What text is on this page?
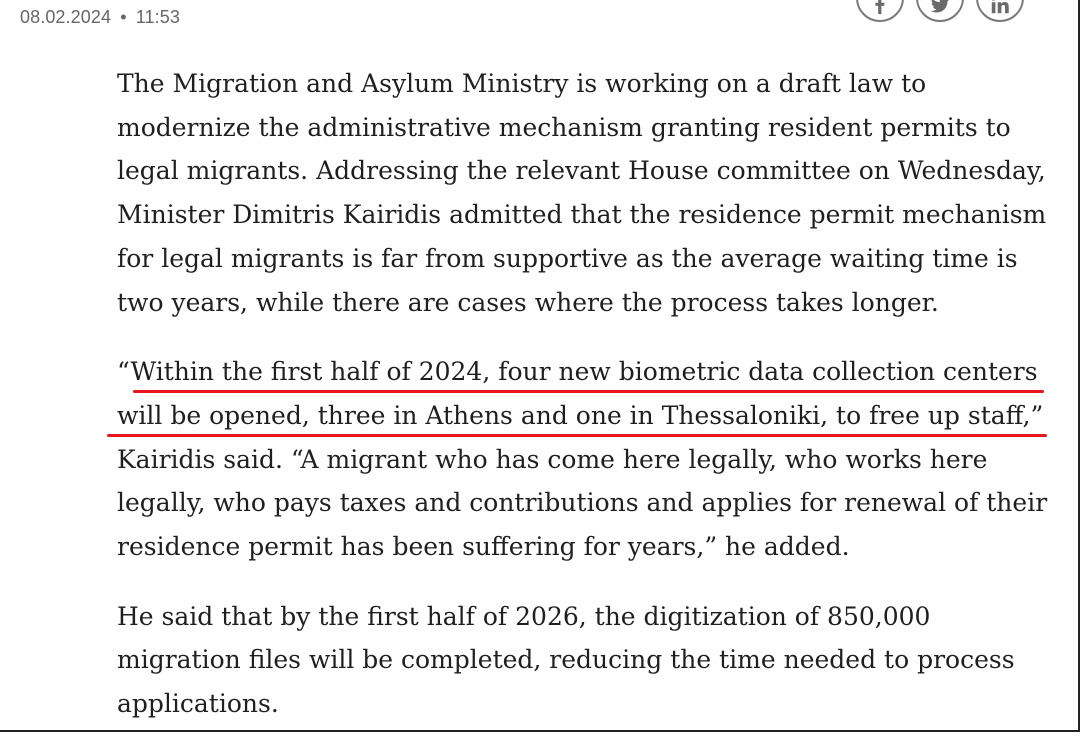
08.02.2024 • 11:53

The Migration and Asylum Ministry is working on a draft law to
modernize the administrative mechanism granting resident permits to
legal migrants. Addressing the relevant House committee on Wednesday,
Minister Dimitris Kairidis admitted that the residence permit mechanism
for legal migrants is far from supportive as the average waiting time is
two years, while there are cases where the process takes longer.

“Within the first half of 2024, four new biometric data collection centers
will be opened, three in Athens and one in Thessaloniki, to free up staff,”
Kairidis said. “A migrant who has come here legally, who works here
legally, who pays taxes and contributions and applies for renewal of their
residence permit has been suffering for years,” he added.

He said that by the first half of 2026, the digitization of 850,000
migration files will be completed, reducing the time needed to process
applications.
